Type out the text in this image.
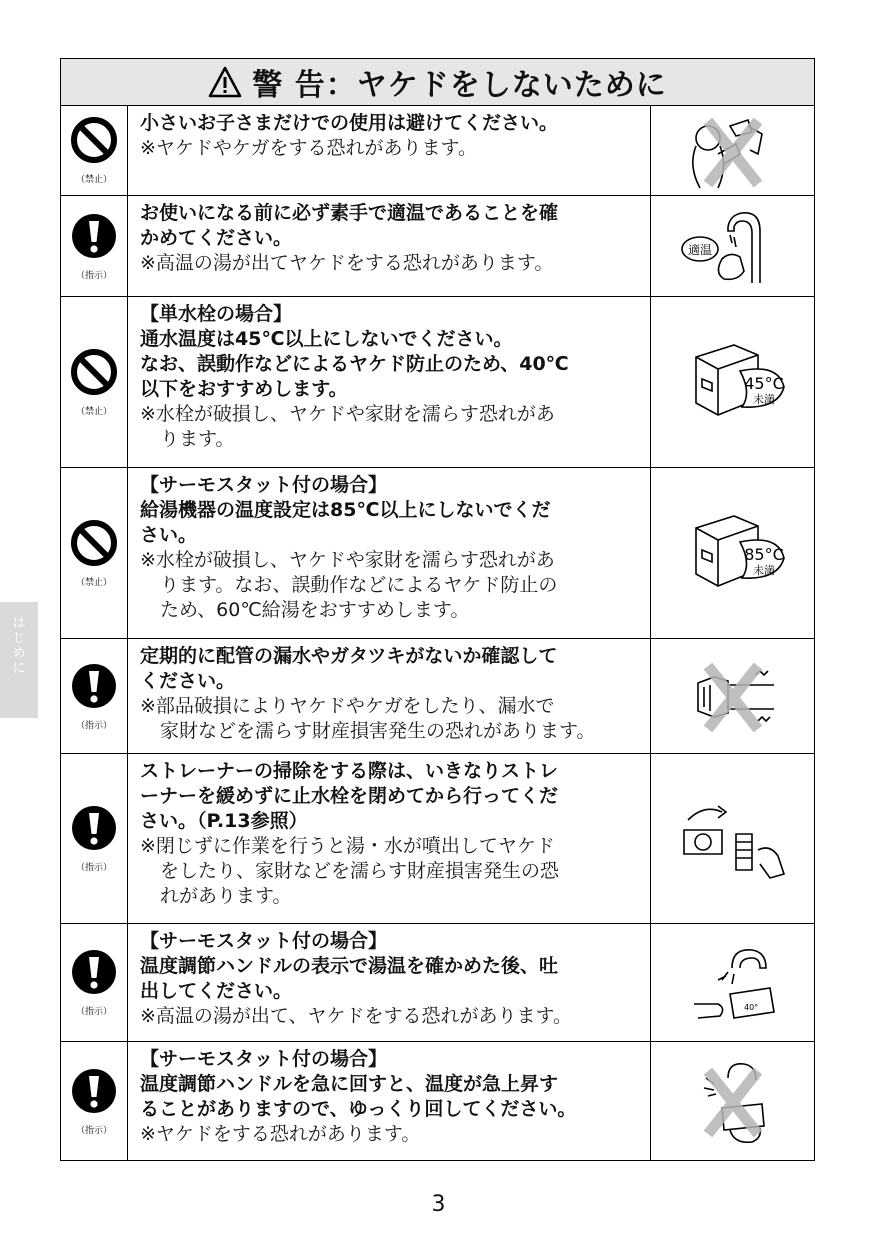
はじめに
警 告：ヤケドをしないために
（禁止）
小さいお子さまだけでの使用は避けてください。
※ヤケドやケガをする恐れがあります。
（指示）
お使いになる前に必ず素手で適温であることを確
かめてください。
※高温の湯が出てヤケドをする恐れがあります。
適温
（禁止）
【単水栓の場合】
通水温度は45℃以上にしないでください。
なお、誤動作などによるヤケド防止のため、40℃
以下をおすすめします。
※水栓が破損し、ヤケドや家財を濡らす恐れがあ
ります。
45°C
未満
（禁止）
【サーモスタット付の場合】
給湯機器の温度設定は85℃以上にしないでくだ
さい。
※水栓が破損し、ヤケドや家財を濡らす恐れがあ
ります。なお、誤動作などによるヤケド防止の
ため、60℃給湯をおすすめします。
85°C
未満
（指示）
定期的に配管の漏水やガタツキがないか確認して
ください。
※部品破損によりヤケドやケガをしたり、漏水で
家財などを濡らす財産損害発生の恐れがあります。
（指示）
ストレーナーの掃除をする際は、いきなりストレ
ーナーを緩めずに止水栓を閉めてから行ってくだ
さい。（P.13参照）
※閉じずに作業を行うと湯・水が噴出してヤケド
をしたり、家財などを濡らす財産損害発生の恐
れがあります。
（指示）
【サーモスタット付の場合】
温度調節ハンドルの表示で湯温を確かめた後、吐
出してください。
※高温の湯が出て、ヤケドをする恐れがあります。	40°
（指示）
【サーモスタット付の場合】
温度調節ハンドルを急に回すと、温度が急上昇す
ることがありますので、ゆっくり回してください。
※ヤケドをする恐れがあります。
3
